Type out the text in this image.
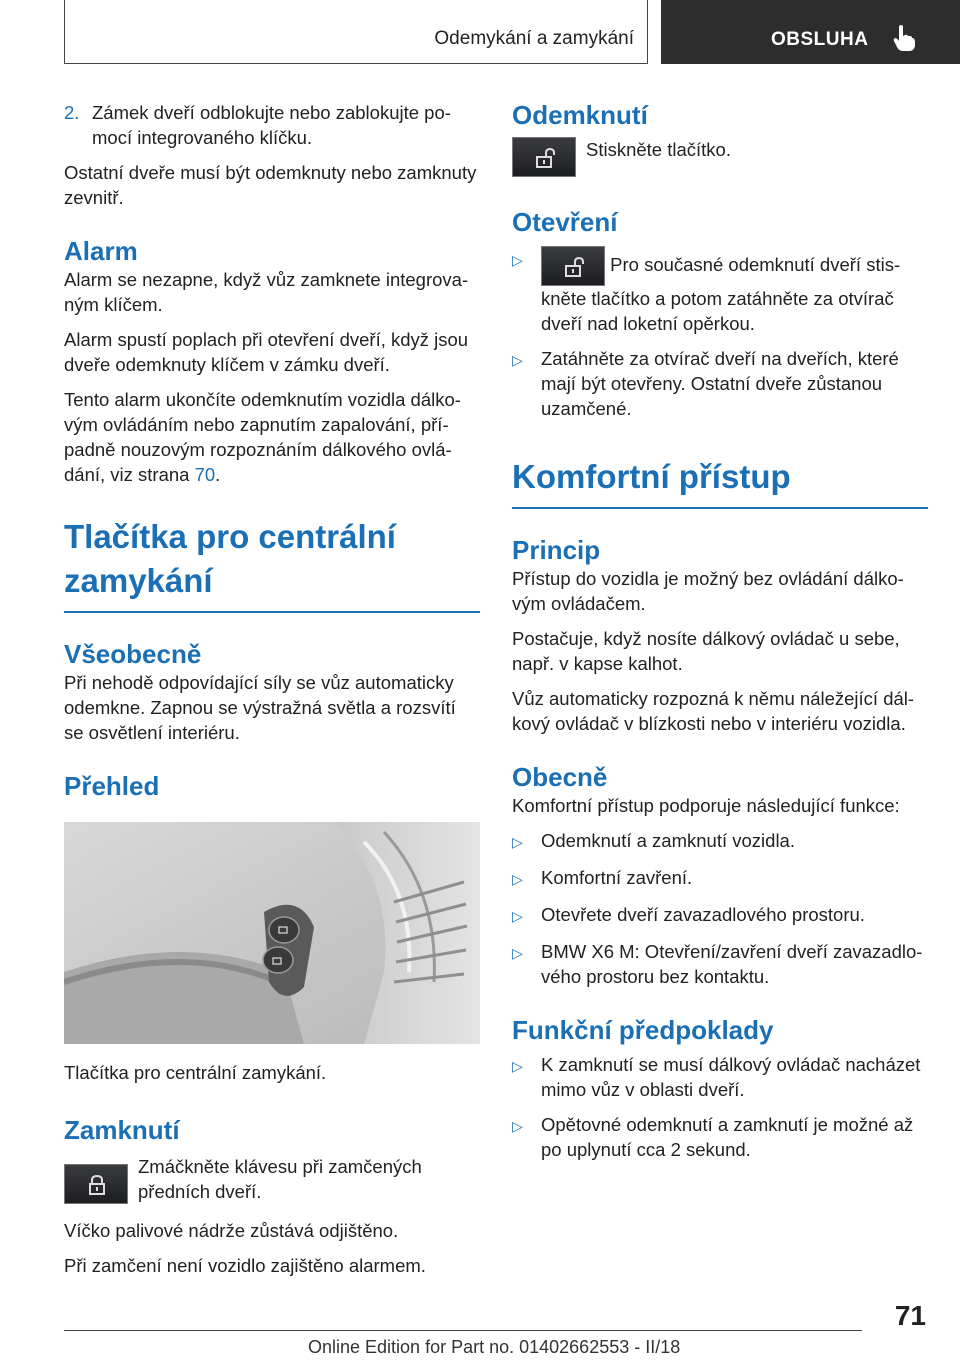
Odemykání a zamykání	OBSLUHA
2. Zámek dveří odblokujte nebo zablokujte pomocí integrovaného klíčku.

Ostatní dveře musí být odemknuty nebo zamknuty zevnitř.

Alarm

Alarm se nezapne, když vůz zamknete integrovaným klíčem.

Alarm spustí poplach při otevření dveří, když jsou dveře odemknuty klíčem v zámku dveří.

Tento alarm ukončíte odemknutím vozidla dálkovým ovládáním nebo zapnutím zapalování, případně nouzovým rozpoznáním dálkového ovládání, viz strana 70.

Tlačítka pro centrální zamykání
Všeobecně

Při nehodě odpovídající síly se vůz automaticky odemkne. Zapnou se výstražná světla a rozsvítí se osvětlení interiéru.

Přehled

Tlačítka pro centrální zamykání.

Zamknutí
Zmáčkněte klávesu při zamčených předních dveří.

Víčko palivové nádrže zůstává odjištěno.

Při zamčení není vozidlo zajištěno alarmem.

Odemknutí
Stiskněte tlačítko.
Otevření
▷	Pro současné odemknutí dveří stiskněte tlačítko a potom zatáhněte za otvírač dveří nad loketní opěrkou.
▷ Zatáhněte za otvírač dveří na dveřích, které mají být otevřeny. Ostatní dveře zůstanou uzamčené.
Komfortní přístup
Princip

Přístup do vozidla je možný bez ovládání dálkovým ovládačem.

Postačuje, když nosíte dálkový ovládač u sebe, např. v kapse kalhot.

Vůz automaticky rozpozná k němu náležející dálkový ovládač v blízkosti nebo v interiéru vozidla.

Obecně

Komfortní přístup podporuje následující funkce:

▷ Odemknutí a zamknutí vozidla.
▷ Komfortní zavření.
▷ Otevřete dveří zavazadlového prostoru.
▷ BMW X6 M: Otevření/zavření dveří zavazadlového prostoru bez kontaktu.
Funkční předpoklady
▷ K zamknutí se musí dálkový ovládač nacházet mimo vůz v oblasti dveří.
▷ Opětovné odemknutí a zamknutí je možné až po uplynutí cca 2 sekund.
71
Online Edition for Part no. 01402662553 - II/18
